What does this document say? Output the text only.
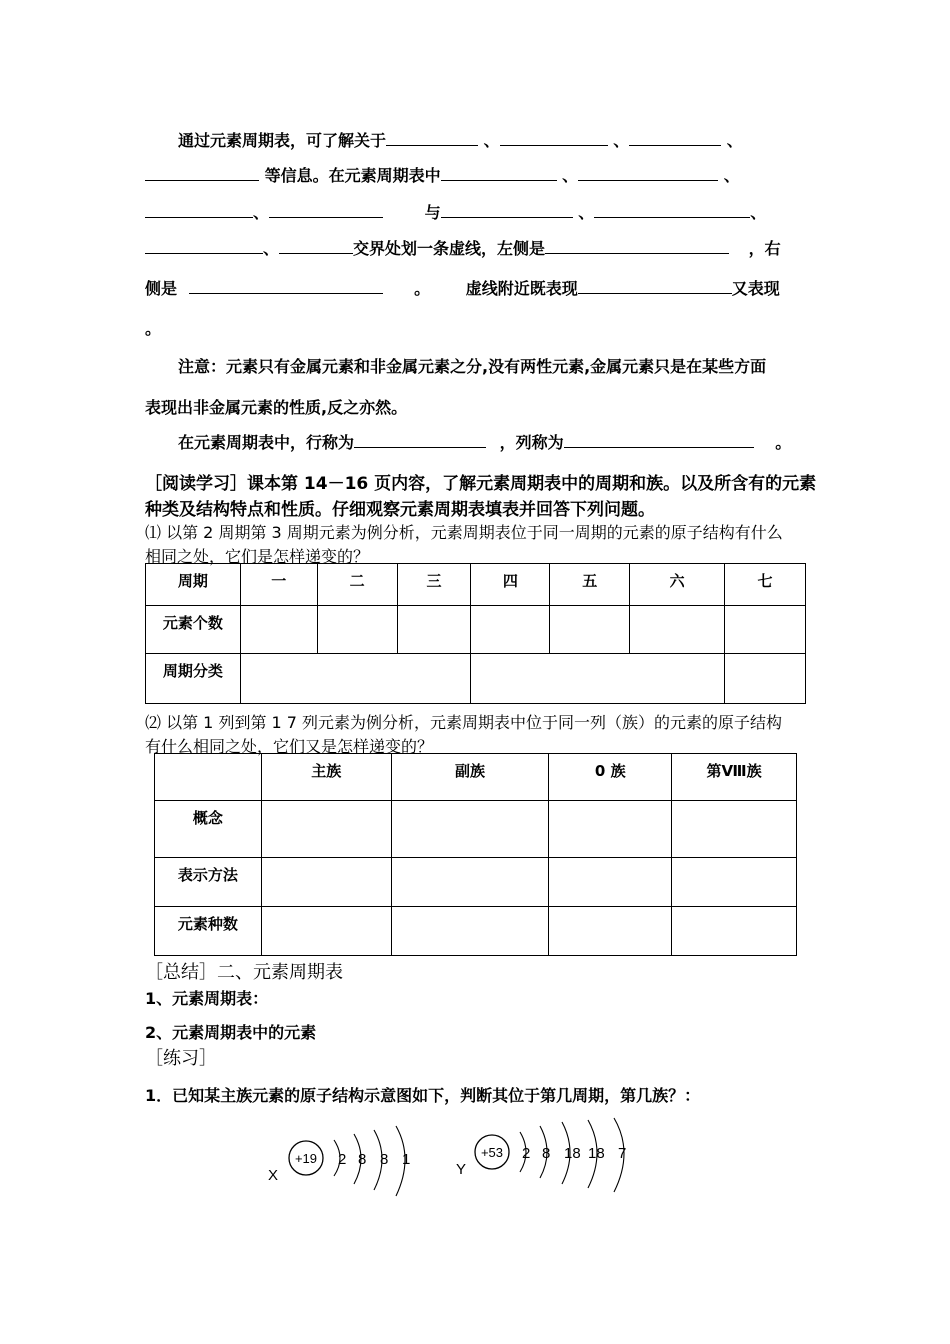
通过元素周期表，可了解关于	、	、	、
等信息。在元素周期表中	、	、
、	与	、	、
、	交界处划一条虚线，左侧是	，右
侧是	。 虚线附近既表现	又表现
。
注意：元素只有金属元素和非金属元素之分,没有两性元素,金属元素只是在某些方面
表现出非金属元素的性质,反之亦然。
在元素周期表中，行称为	，列称为	。
［阅读学习］课本第 14－16 页内容，了解元素周期表中的周期和族。以及所含有的元素
种类及结构特点和性质。仔细观察元素周期表填表并回答下列问题。
⑴ 以第 2 周期第 3 周期元素为例分析，元素周期表位于同一周期的元素的原子结构有什么
相同之处，它们是怎样递变的？
周期	一	二	三	四	五	六	七
元素个数							
周期分类							
⑵ 以第 1 列到第 1 7 列元素为例分析，元素周期表中位于同一列（族）的元素的原子结构
有什么相同之处，它们又是怎样递变的？
	主族	副族	0 族	第Ⅷ族
概念				
表示方法				
元素种数				
［总结］二、元素周期表
1、元素周期表：
2、元素周期表中的元素
［练习］
1．已知某主族元素的原子结构示意图如下，判断其位于第几周期，第几族？：
X
+19 2 8 8 1
Y
+53 2 8 18 18 7
